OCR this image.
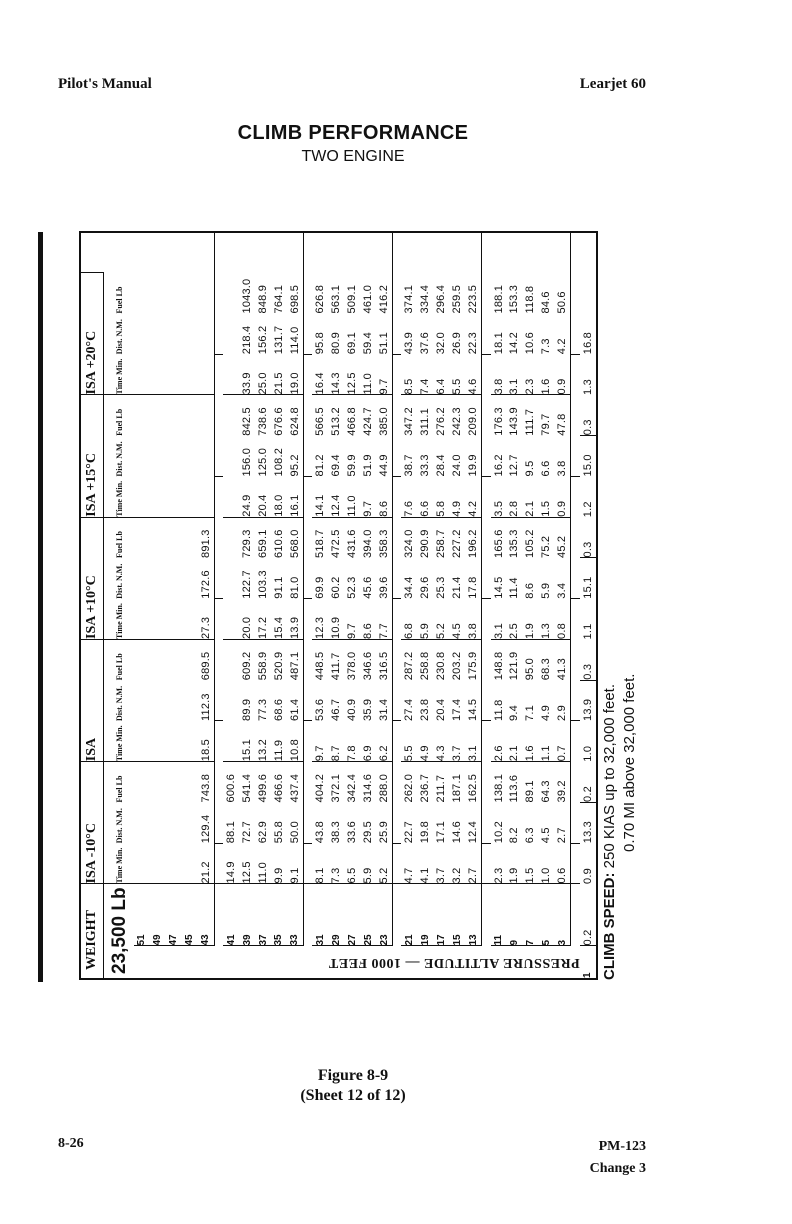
Pilot's Manual	Learjet 60
CLIMB PERFORMANCE
TWO ENGINE
WEIGHT		ISA -10°C			ISA			ISA +10°C			ISA +15°C			ISA +20°C			
23,500 Lb		Time Min.	Dist. N.M.	Fuel Lb	Time Min.	Dist. N.M.	Fuel Lb	Time Min.	Dist. N.M.	Fuel Lb	Time Min.	Dist. N.M.	Fuel Lb	Time Min.	Dist. N.M.	Fuel Lb	

PRESSURE ALTITUDE — 1000 FEET	51																
	49																
	47																
	45																
	43	21.2	129.4	743.8	18.5	112.3	689.5	27.3	172.6	891.3							

	41	14.9	88.1	600.6													
	39	12.5	72.7	541.4	15.1	89.9	609.2	20.0	122.7	729.3	24.9	156.0	842.5	33.9	218.4	1043.0	
	37	11.0	62.9	499.6	13.2	77.3	558.9	17.2	103.3	659.1	20.4	125.0	738.6	25.0	156.2	848.9	
	35	9.9	55.8	466.6	11.9	68.6	520.9	15.4	91.1	610.6	18.0	108.2	676.6	21.5	131.7	764.1	
	33	9.1	50.0	437.4	10.8	61.4	487.1	13.9	81.0	568.0	16.1	95.2	624.8	19.0	114.0	698.5	

	31	8.1	43.8	404.2	9.7	53.6	448.5	12.3	69.9	518.7	14.1	81.2	566.5	16.4	95.8	626.8	
	29	7.3	38.3	372.1	8.7	46.7	411.7	10.9	60.2	472.5	12.4	69.4	513.2	14.3	80.9	563.1	
	27	6.5	33.6	342.4	7.8	40.9	378.0	9.7	52.3	431.6	11.0	59.9	466.8	12.5	69.1	509.1	
	25	5.9	29.5	314.6	6.9	35.9	346.6	8.6	45.6	394.0	9.7	51.9	424.7	11.0	59.4	461.0	
	23	5.2	25.9	288.0	6.2	31.4	316.5	7.7	39.6	358.3	8.6	44.9	385.0	9.7	51.1	416.2	

	21	4.7	22.7	262.0	5.5	27.4	287.2	6.8	34.4	324.0	7.6	38.7	347.2	8.5	43.9	374.1	
	19	4.1	19.8	236.7	4.9	23.8	258.8	5.9	29.6	290.9	6.6	33.3	311.1	7.4	37.6	334.4	
	17	3.7	17.1	211.7	4.3	20.4	230.8	5.2	25.3	258.7	5.8	28.4	276.2	6.4	32.0	296.4	
	15	3.2	14.6	187.1	3.7	17.4	203.2	4.5	21.4	227.2	4.9	24.0	242.3	5.5	26.9	259.5	
	13	2.7	12.4	162.5	3.1	14.5	175.9	3.8	17.8	196.2	4.2	19.9	209.0	4.6	22.3	223.5	

	11	2.3	10.2	138.1	2.6	11.8	148.8	3.1	14.5	165.6	3.5	16.2	176.3	3.8	18.1	188.1	
	9	1.9	8.2	113.6	2.1	9.4	121.9	2.5	11.4	135.3	2.8	12.7	143.9	3.1	14.2	153.3	
	7	1.5	6.3	89.1	1.6	7.1	95.0	1.9	8.6	105.2	2.1	9.5	111.7	2.3	10.6	118.8	
	5	1.0	4.5	64.3	1.1	4.9	68.3	1.3	5.9	75.2	1.5	6.6	79.7	1.6	7.3	84.6	
	3	0.6	2.7	39.2	0.7	2.9	41.3	0.8	3.4	45.2	0.9	3.8	47.8	0.9	4.2	50.6	

1	0.2	0.9	13.3	0.2	1.0	13.9	0.3	1.1	15.1	0.3	1.2	15.0	0.3	1.3	16.8		
CLIMB SPEED: 250 KIAS up to 32,000 feet. 0.70 MI above 32,000 feet.
Figure 8-9
(Sheet 12 of 12)
8-26	PM-123
Change 3
